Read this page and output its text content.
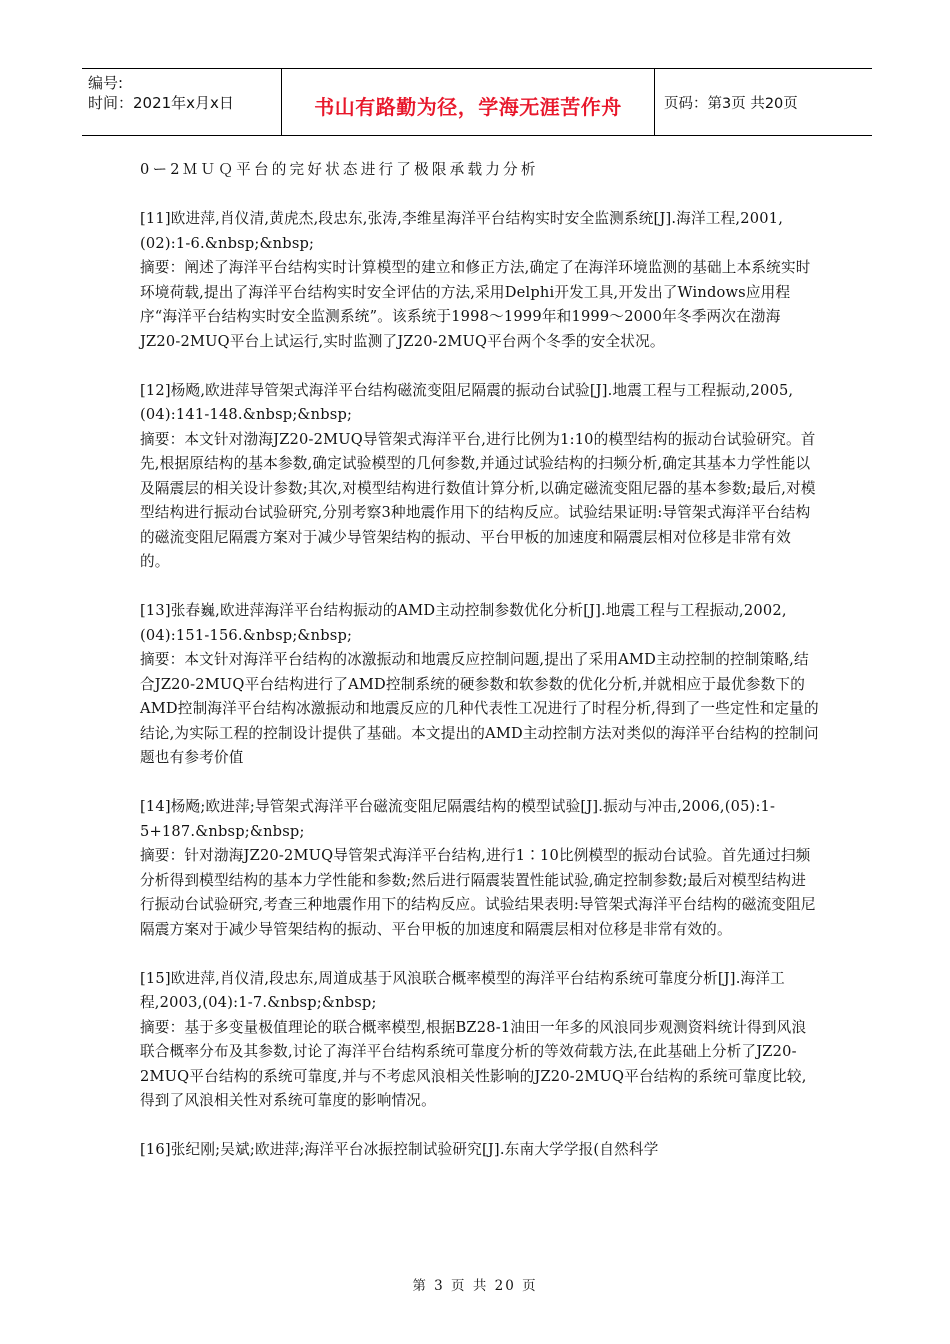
编号:
时间：2021年x月x日	书山有路勤为径，学海无涯苦作舟	页码：第3页 共20页

0ー2ＭＵＱ平台的完好状态进行了极限承载力分析

[11]欧进萍,肖仪清,黄虎杰,段忠东,张涛,李维星海洋平台结构实时安全监测系统[J].海洋工程,2001,(02):1-6.&nbsp;&nbsp;

摘要：阐述了海洋平台结构实时计算模型的建立和修正方法,确定了在海洋环境监测的基础上本系统实时环境荷载,提出了海洋平台结构实时安全评估的方法,采用Delphi开发工具,开发出了Windows应用程序“海洋平台结构实时安全监测系统”。该系统于1998～1999年和1999～2000年冬季两次在渤海JZ20-2MUQ平台上试运行,实时监测了JZ20-2MUQ平台两个冬季的安全状况。

[12]杨飏,欧进萍导管架式海洋平台结构磁流变阻尼隔震的振动台试验[J].地震工程与工程振动,2005,(04):141-148.&nbsp;&nbsp;

摘要：本文针对渤海JZ20-2MUQ导管架式海洋平台,进行比例为1:10的模型结构的振动台试验研究。首先,根据原结构的基本参数,确定试验模型的几何参数,并通过试验结构的扫频分析,确定其基本力学性能以及隔震层的相关设计参数;其次,对模型结构进行数值计算分析,以确定磁流变阻尼器的基本参数;最后,对模型结构进行振动台试验研究,分别考察3种地震作用下的结构反应。试验结果证明:导管架式海洋平台结构的磁流变阻尼隔震方案对于减少导管架结构的振动、平台甲板的加速度和隔震层相对位移是非常有效的。

[13]张春巍,欧进萍海洋平台结构振动的AMD主动控制参数优化分析[J].地震工程与工程振动,2002,(04):151-156.&nbsp;&nbsp;

摘要：本文针对海洋平台结构的冰激振动和地震反应控制问题,提出了采用AMD主动控制的控制策略,结合JZ20-2MUQ平台结构进行了AMD控制系统的硬参数和软参数的优化分析,并就相应于最优参数下的AMD控制海洋平台结构冰激振动和地震反应的几种代表性工况进行了时程分析,得到了一些定性和定量的结论,为实际工程的控制设计提供了基础。本文提出的AMD主动控制方法对类似的海洋平台结构的控制问题也有参考价值

[14]杨飏;欧进萍;导管架式海洋平台磁流变阻尼隔震结构的模型试验[J].振动与冲击,2006,(05):1-5+187.&nbsp;&nbsp;

摘要：针对渤海JZ20-2MUQ导管架式海洋平台结构,进行1∶10比例模型的振动台试验。首先通过扫频分析得到模型结构的基本力学性能和参数;然后进行隔震装置性能试验,确定控制参数;最后对模型结构进行振动台试验研究,考查三种地震作用下的结构反应。试验结果表明:导管架式海洋平台结构的磁流变阻尼隔震方案对于减少导管架结构的振动、平台甲板的加速度和隔震层相对位移是非常有效的。

[15]欧进萍,肖仪清,段忠东,周道成基于风浪联合概率模型的海洋平台结构系统可靠度分析[J].海洋工程,2003,(04):1-7.&nbsp;&nbsp;

摘要：基于多变量极值理论的联合概率模型,根据BZ28-1油田一年多的风浪同步观测资料统计得到风浪联合概率分布及其参数,讨论了海洋平台结构系统可靠度分析的等效荷载方法,在此基础上分析了JZ20-2MUQ平台结构的系统可靠度,并与不考虑风浪相关性影响的JZ20-2MUQ平台结构的系统可靠度比较,得到了风浪相关性对系统可靠度的影响情况。

[16]张纪刚;吴斌;欧进萍;海洋平台冰振控制试验研究[J].东南大学学报(自然科学

第 3 页 共 20 页
